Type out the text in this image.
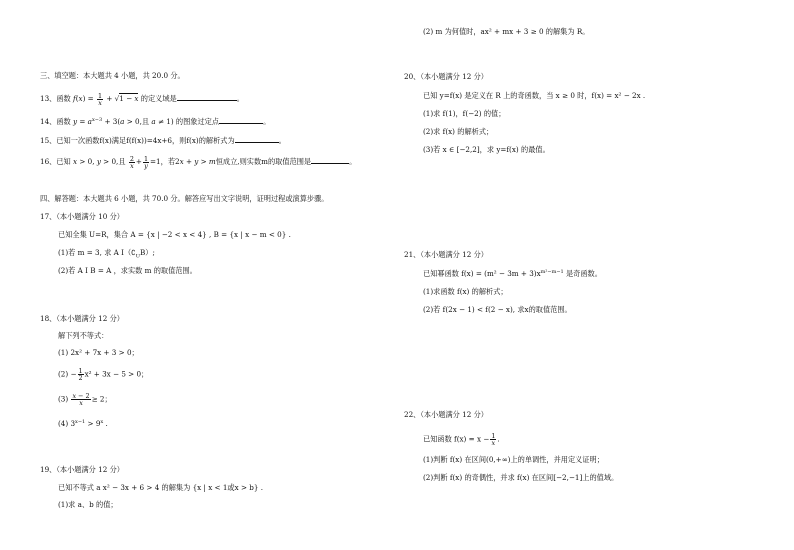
三、填空题：本大题共 4 小题，共 20.0 分。
13、函数 $f(x) = \frac{1}{x} + √1 - x$ 的定义域是	。
14、函数 $y = a^{x-3} + 3(a > 0$,且 a ≠ 1) 的图象过定点	。
15、已知一次函数f(x)满足f(f(x))=4x+6，则f(x)的解析式为	。
16、已知 x > 0, y > 0,且 $\frac{2}{x} + \frac{1}{y} =1$，若2x + y > m恒成立,则实数m的取值范围是	。
四、解答题：本大题共 6 小题，共 70.0 分。解答应写出文字说明，证明过程或演算步骤。
17、（本小题满分 10 分）
已知全集 U=R，集合 A = {x | −2 < x < 4} , B = {x | x − m < 0} .
(1)若 m = 3, 求 A $I(∁_UB)$;
(2)若 A I B = A ，求实数 m 的取值范围。
18、（本小题满分 12 分）
解下列不等式：
(1) 2x² + 7x + 3 > 0；
$(2) - \frac{1}{2} x^2 + 3x - 5 > 0$；
$(3) \frac{x - 2}{x} \ge 2$；
(4) $3^{x-1} > 9^x$ .
19、（本小题满分 12 分）
已知不等式 a x² − 3x + 6 > 4 的解集为 {x | x < 1或x > b} .
(1)求 a、b 的值；
(2) m 为何值时，ax² + mx + 3 ≥ 0 的解集为 R。
20、（本小题满分 12 分）
已知 y=f(x) 是定义在 R 上的奇函数，当 x ≥ 0 时，f(x) = x² − 2x .
(1)求 f(1)，f(−2) 的值；
(2)求 f(x) 的解析式；
(3)若 x ∈ [−2,2]，求 y=f(x) 的最值。
21、（本小题满分 12 分）
已知幂函数 $f(x) = (m^2 - 3m + 3)x^{m^2-m-1}$ 是奇函数。
(1)求函数 f(x) 的解析式；
(2)若 f(2x − 1) < f(2 − x), 求x的取值范围。
22、（本小题满分 12 分）
已知函数 $f(x) = x - \frac{1}{x}$ .
(1)判断 f(x) 在区间(0,+∞)上的单调性，并用定义证明；
(2)判断 f(x) 的奇偶性，并求 f(x) 在区间[−2,−1]上的值域。
